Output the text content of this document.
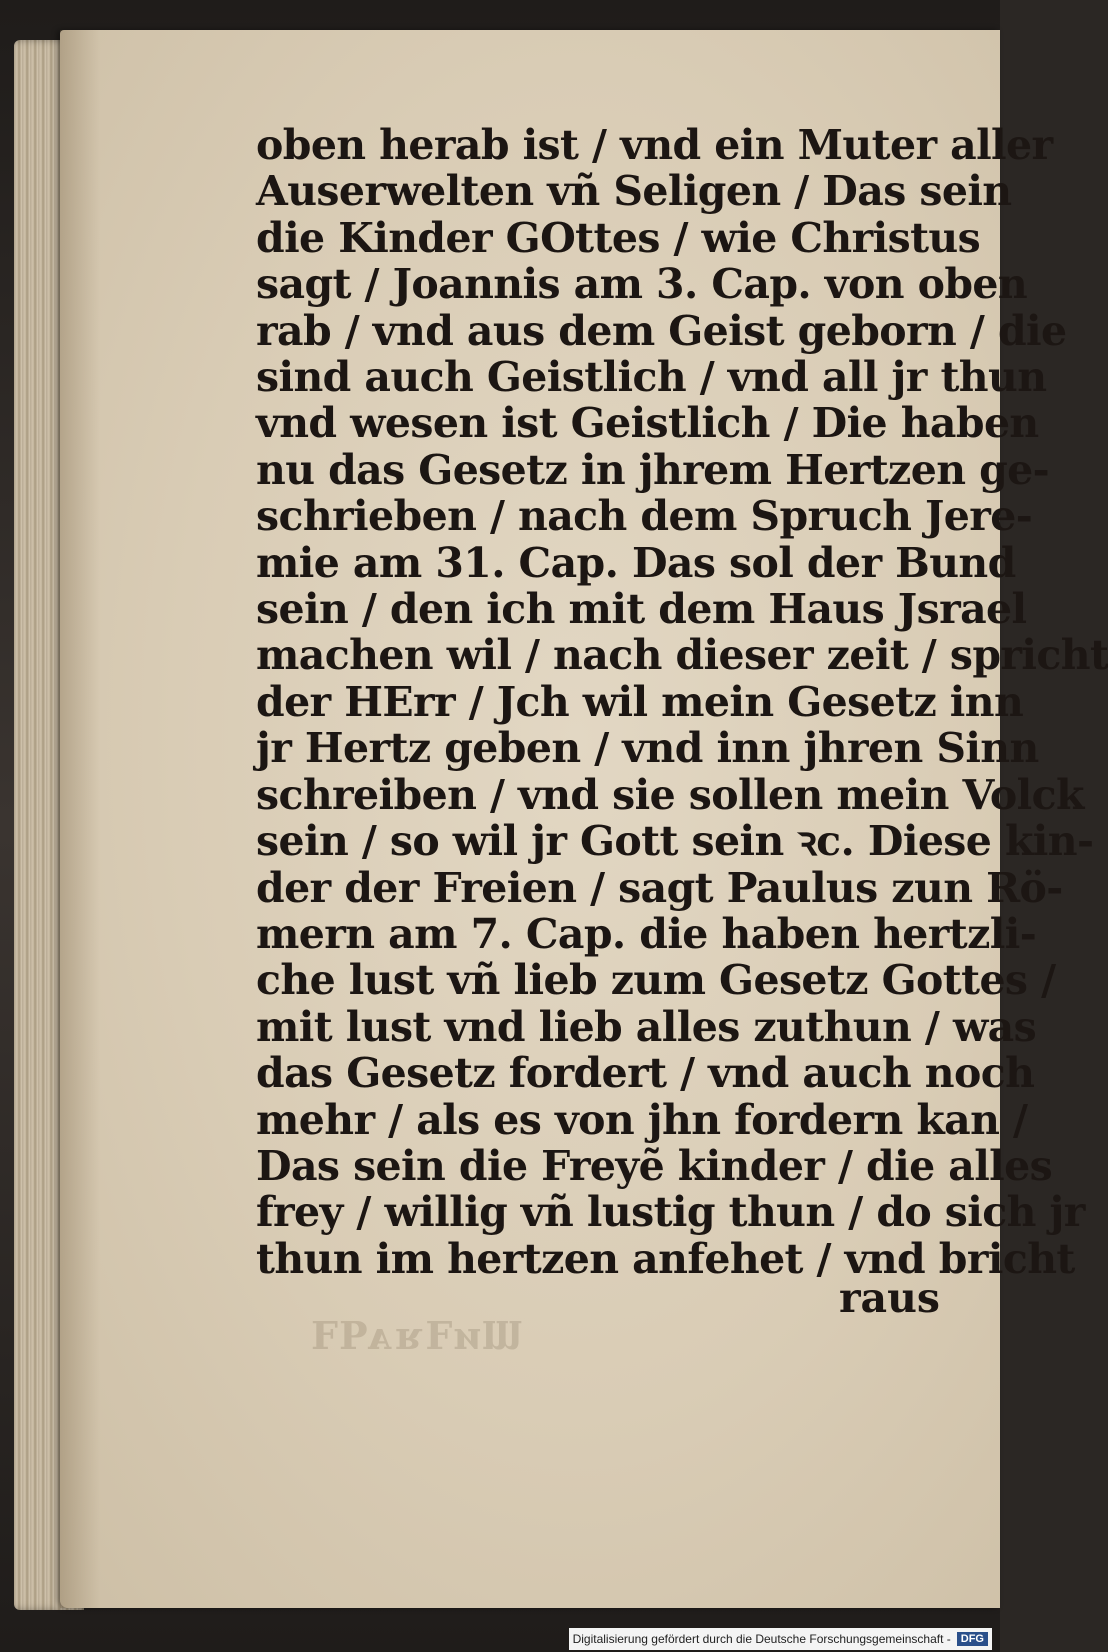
oben herab ist / vnd ein Muter aller
Auserwelten vñ Seligen / Das sein
die Kinder GOttes / wie Christus
sagt / Joannis am 3. Cap. von oben
rab / vnd aus dem Geist geborn / die
sind auch Geistlich / vnd all jr thun
vnd wesen ist Geistlich / Die haben
nu das Gesetz in jhrem Hertzen ge-
schrieben / nach dem Spruch Jere-
mie am 31. Cap. Das sol der Bund
sein / den ich mit dem Haus Jsrael
machen wil / nach dieser zeit / spricht
der HErr / Jch wil mein Gesetz inn
jr Hertz geben / vnd inn jhren Sinn
schreiben / vnd sie sollen mein Volck
sein / so wil jr Gott sein ꝛc. Diese kin-
der der Freien / sagt Paulus zun Rö-
mern am 7. Cap. die haben hertzli-
che lust vñ lieb zum Gesetz Gottes /
mit lust vnd lieb alles zuthun / was
das Gesetz fordert / vnd auch noch
mehr / als es von jhn fordern kan /
Das sein die Freyẽ kinder / die alles
frey / willig vñ lustig thun / do sich jr
thun im hertzen anfehet / vnd bricht
raus
Ɯᴎꟻᴚᴀꟼꟻ
Digitalisierung gefördert durch die Deutsche Forschungsgemeinschaft - DFG
